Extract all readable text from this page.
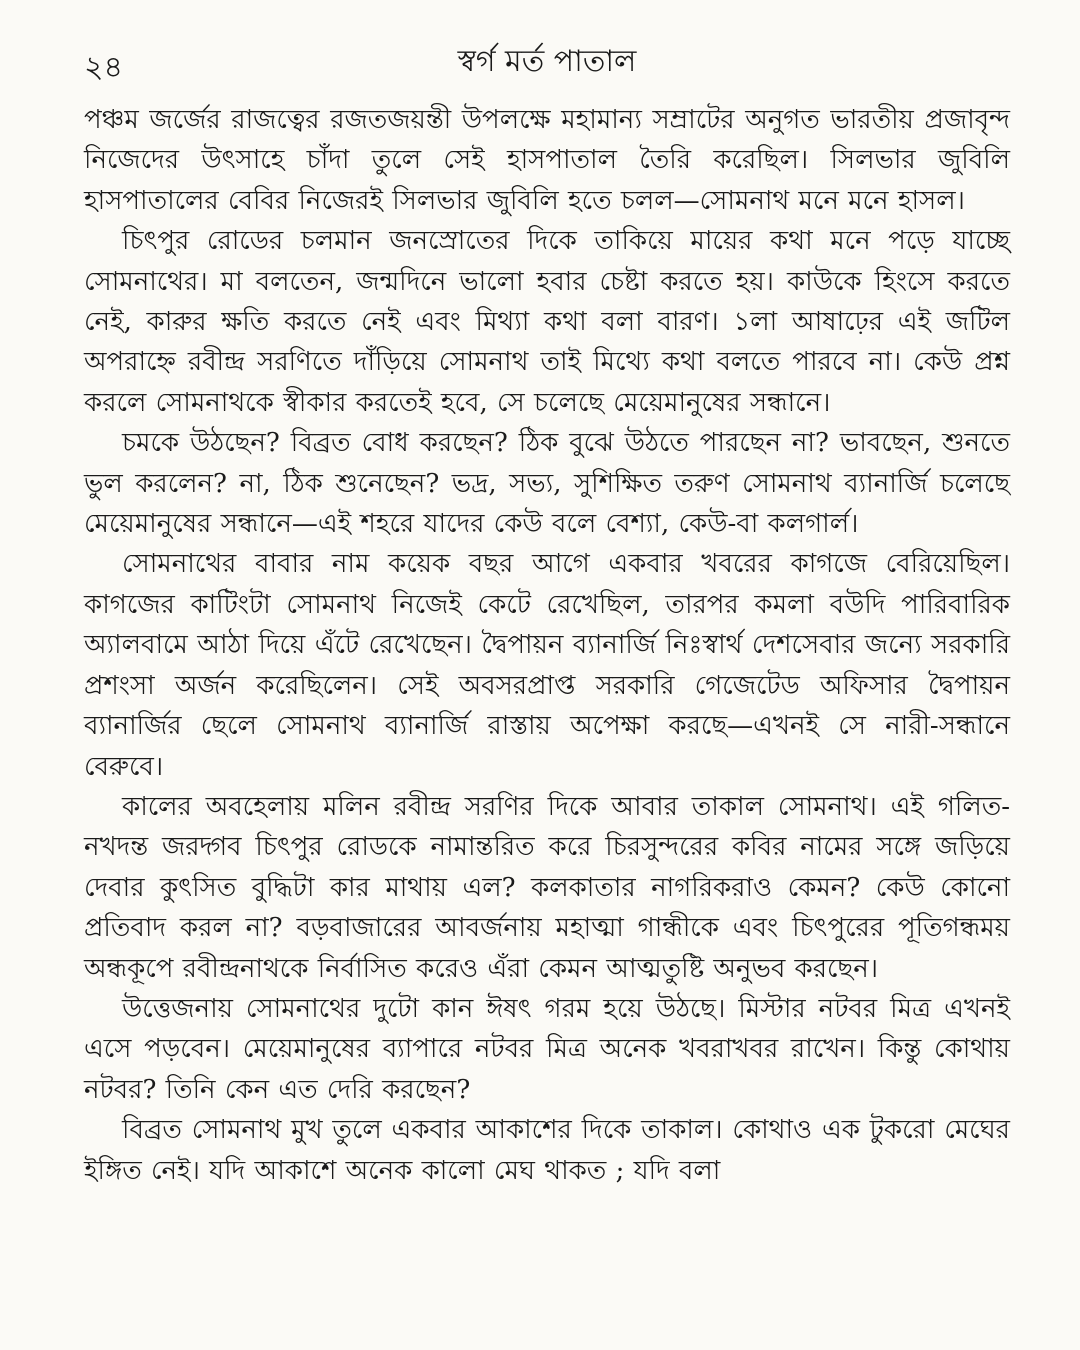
২৪	স্বর্গ মর্ত পাতাল

পঞ্চম জর্জের রাজত্বের রজতজয়ন্তী উপলক্ষে মহামান্য সম্রাটের অনুগত ভারতীয় প্রজাবৃন্দ নিজেদের উৎসাহে চাঁদা তুলে সেই হাসপাতাল তৈরি করেছিল। সিলভার জুবিলি হাসপাতালের বেবির নিজেরই সিলভার জুবিলি হতে চলল—সোমনাথ মনে মনে হাসল।

চিৎপুর রোডের চলমান জনস্রোতের দিকে তাকিয়ে মায়ের কথা মনে পড়ে যাচ্ছে সোমনাথের। মা বলতেন, জন্মদিনে ভালো হবার চেষ্টা করতে হয়। কাউকে হিংসে করতে নেই, কারুর ক্ষতি করতে নেই এবং মিথ্যা কথা বলা বারণ। ১লা আষাঢ়ের এই জটিল অপরাহ্নে রবীন্দ্র সরণিতে দাঁড়িয়ে সোমনাথ তাই মিথ্যে কথা বলতে পারবে না। কেউ প্রশ্ন করলে সোমনাথকে স্বীকার করতেই হবে, সে চলেছে মেয়েমানুষের সন্ধানে।

চমকে উঠছেন? বিব্রত বোধ করছেন? ঠিক বুঝে উঠতে পারছেন না? ভাবছেন, শুনতে ভুল করলেন? না, ঠিক শুনেছেন? ভদ্র, সভ্য, সুশিক্ষিত তরুণ সোমনাথ ব্যানার্জি চলেছে মেয়েমানুষের সন্ধানে—এই শহরে যাদের কেউ বলে বেশ্যা, কেউ-বা কলগার্ল।

সোমনাথের বাবার নাম কয়েক বছর আগে একবার খবরের কাগজে বেরিয়েছিল। কাগজের কাটিংটা সোমনাথ নিজেই কেটে রেখেছিল, তারপর কমলা বউদি পারিবারিক অ্যালবামে আঠা দিয়ে এঁটে রেখেছেন। দ্বৈপায়ন ব্যানার্জি নিঃস্বার্থ দেশসেবার জন্যে সরকারি প্রশংসা অর্জন করেছিলেন। সেই অবসরপ্রাপ্ত সরকারি গেজেটেড অফিসার দ্বৈপায়ন ব্যানার্জির ছেলে সোমনাথ ব্যানার্জি রাস্তায় অপেক্ষা করছে—এখনই সে নারী-সন্ধানে বেরুবে।

কালের অবহেলায় মলিন রবীন্দ্র সরণির দিকে আবার তাকাল সোমনাথ। এই গলিত-নখদন্ত জরদ্গব চিৎপুর রোডকে নামান্তরিত করে চিরসুন্দরের কবির নামের সঙ্গে জড়িয়ে দেবার কুৎসিত বুদ্ধিটা কার মাথায় এল? কলকাতার নাগরিকরাও কেমন? কেউ কোনো প্রতিবাদ করল না? বড়বাজারের আবর্জনায় মহাত্মা গান্ধীকে এবং চিৎপুরের পূতিগন্ধময় অন্ধকূপে রবীন্দ্রনাথকে নির্বাসিত করেও এঁরা কেমন আত্মতুষ্টি অনুভব করছেন।

উত্তেজনায় সোমনাথের দুটো কান ঈষৎ গরম হয়ে উঠছে। মিস্টার নটবর মিত্র এখনই এসে পড়বেন। মেয়েমানুষের ব্যাপারে নটবর মিত্র অনেক খবরাখবর রাখেন। কিন্তু কোথায় নটবর? তিনি কেন এত দেরি করছেন?

বিব্রত সোমনাথ মুখ তুলে একবার আকাশের দিকে তাকাল। কোথাও এক টুকরো মেঘের ইঙ্গিত নেই। যদি আকাশে অনেক কালো মেঘ থাকত ; যদি বলা
